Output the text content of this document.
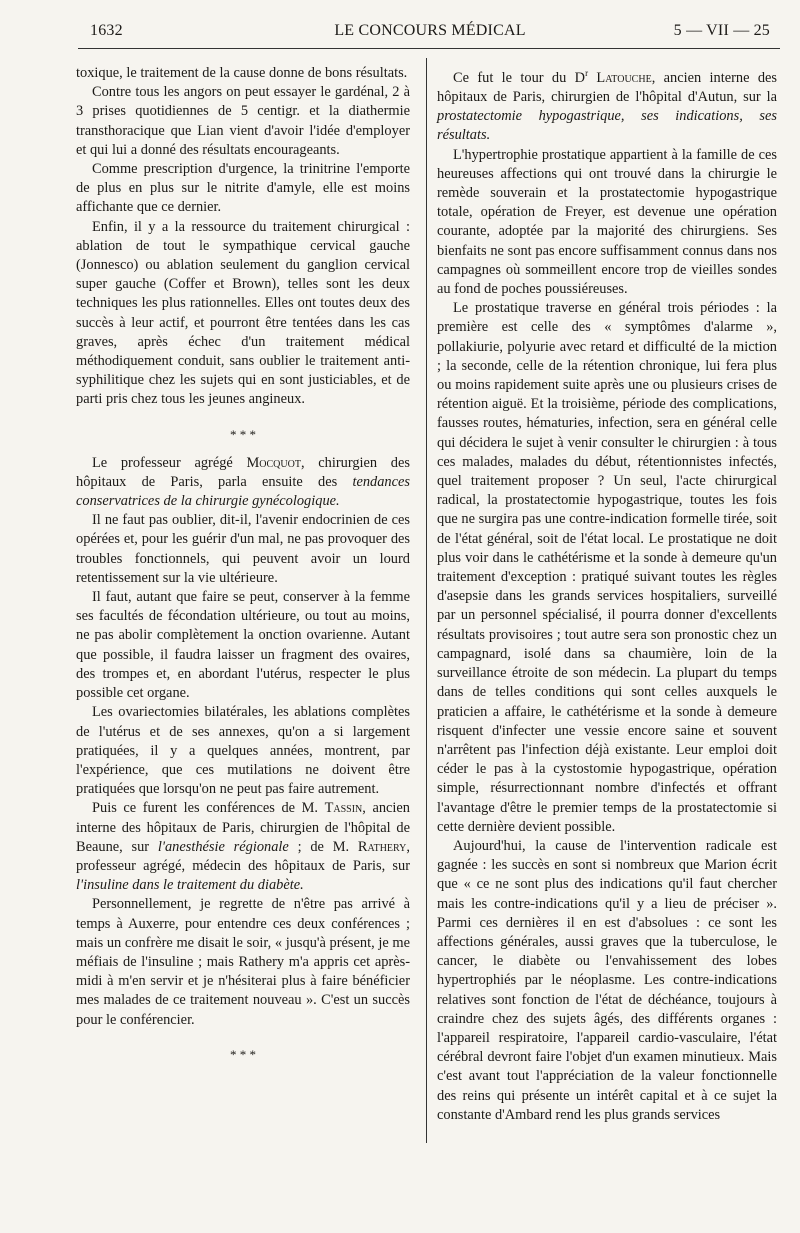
1632	LE CONCOURS MÉDICAL	5 — VII — 25

toxique, le traitement de la cause donne de bons résultats.

Contre tous les angors on peut essayer le gardénal, 2 à 3 prises quotidiennes de 5 centigr. et la diathermie transthoracique que Lian vient d'avoir l'idée d'employer et qui lui a donné des résultats encourageants.

Comme prescription d'urgence, la trinitrine l'emporte de plus en plus sur le nitrite d'amyle, elle est moins affichante que ce dernier.

Enfin, il y a la ressource du traitement chirurgical : ablation de tout le sympathique cervical gauche (Jonnesco) ou ablation seulement du ganglion cervical super gauche (Coffer et Brown), telles sont les deux techniques les plus rationnelles. Elles ont toutes deux des succès à leur actif, et pourront être tentées dans les cas graves, après échec d'un traitement médical méthodiquement conduit, sans oublier le traitement anti-syphilitique chez les sujets qui en sont justiciables, et de parti pris chez tous les jeunes angineux.

* * *

Le professeur agrégé Mocquot, chirurgien des hôpitaux de Paris, parla ensuite des tendances conservatrices de la chirurgie gynécologique.

Il ne faut pas oublier, dit-il, l'avenir endocrinien de ces opérées et, pour les guérir d'un mal, ne pas provoquer des troubles fonctionnels, qui peuvent avoir un lourd retentissement sur la vie ultérieure.

Il faut, autant que faire se peut, conserver à la femme ses facultés de fécondation ultérieure, ou tout au moins, ne pas abolir complètement la onction ovarienne. Autant que possible, il faudra laisser un fragment des ovaires, des trompes et, en abordant l'utérus, respecter le plus possible cet organe.

Les ovariectomies bilatérales, les ablations complètes de l'utérus et de ses annexes, qu'on a si largement pratiquées, il y a quelques années, montrent, par l'expérience, que ces mutilations ne doivent être pratiquées que lorsqu'on ne peut pas faire autrement.

Puis ce furent les conférences de M. Tassin, ancien interne des hôpitaux de Paris, chirurgien de l'hôpital de Beaune, sur l'anesthésie régionale ; de M. Rathery, professeur agrégé, médecin des hôpitaux de Paris, sur l'insuline dans le traitement du diabète.

Personnellement, je regrette de n'être pas arrivé à temps à Auxerre, pour entendre ces deux conférences ; mais un confrère me disait le soir, « jusqu'à présent, je me méfiais de l'insuline ; mais Rathery m'a appris cet après-midi à m'en servir et je n'hésiterai plus à faire bénéficier mes malades de ce traitement nouveau ». C'est un succès pour le conférencier.

* * *

Ce fut le tour du $D^r$ Latouche, ancien interne des hôpitaux de Paris, chirurgien de l'hôpital d'Autun, sur la prostatectomie hypogastrique, ses indications, ses résultats.

L'hypertrophie prostatique appartient à la famille de ces heureuses affections qui ont trouvé dans la chirurgie le remède souverain et la prostatectomie hypogastrique totale, opération de Freyer, est devenue une opération courante, adoptée par la majorité des chirurgiens. Ses bienfaits ne sont pas encore suffisamment connus dans nos campagnes où sommeillent encore trop de vieilles sondes au fond de poches poussiéreuses.

Le prostatique traverse en général trois périodes : la première est celle des « symptômes d'alarme », pollakiurie, polyurie avec retard et difficulté de la miction ; la seconde, celle de la rétention chronique, lui fera plus ou moins rapidement suite après une ou plusieurs crises de rétention aiguë. Et la troisième, période des complications, fausses routes, hématuries, infection, sera en général celle qui décidera le sujet à venir consulter le chirurgien : à tous ces malades, malades du début, rétentionnistes infectés, quel traitement proposer ? Un seul, l'acte chirurgical radical, la prostatectomie hypogastrique, toutes les fois que ne surgira pas une contre-indication formelle tirée, soit de l'état général, soit de l'état local. Le prostatique ne doit plus voir dans le cathétérisme et la sonde à demeure qu'un traitement d'exception : pratiqué suivant toutes les règles d'asepsie dans les grands services hospitaliers, surveillé par un personnel spécialisé, il pourra donner d'excellents résultats provisoires ; tout autre sera son pronostic chez un campagnard, isolé dans sa chaumière, loin de la surveillance étroite de son médecin. La plupart du temps dans de telles conditions qui sont celles auxquels le praticien a affaire, le cathétérisme et la sonde à demeure risquent d'infecter une vessie encore saine et souvent n'arrêtent pas l'infection déjà existante. Leur emploi doit céder le pas à la cystostomie hypogastrique, opération simple, résurrectionnant nombre d'infectés et offrant l'avantage d'être le premier temps de la prostatectomie si cette dernière devient possible.

Aujourd'hui, la cause de l'intervention radicale est gagnée : les succès en sont si nombreux que Marion écrit que « ce ne sont plus des indications qu'il faut chercher mais les contre-indications qu'il y a lieu de préciser ». Parmi ces dernières il en est d'absolues : ce sont les affections générales, aussi graves que la tuberculose, le cancer, le diabète ou l'envahissement des lobes hypertrophiés par le néoplasme. Les contre-indications relatives sont fonction de l'état de déchéance, toujours à craindre chez des sujets âgés, des différents organes : l'appareil respiratoire, l'appareil cardio-vasculaire, l'état cérébral devront faire l'objet d'un examen minutieux. Mais c'est avant tout l'appréciation de la valeur fonctionnelle des reins qui présente un intérêt capital et à ce sujet la constante d'Ambard rend les plus grands services
